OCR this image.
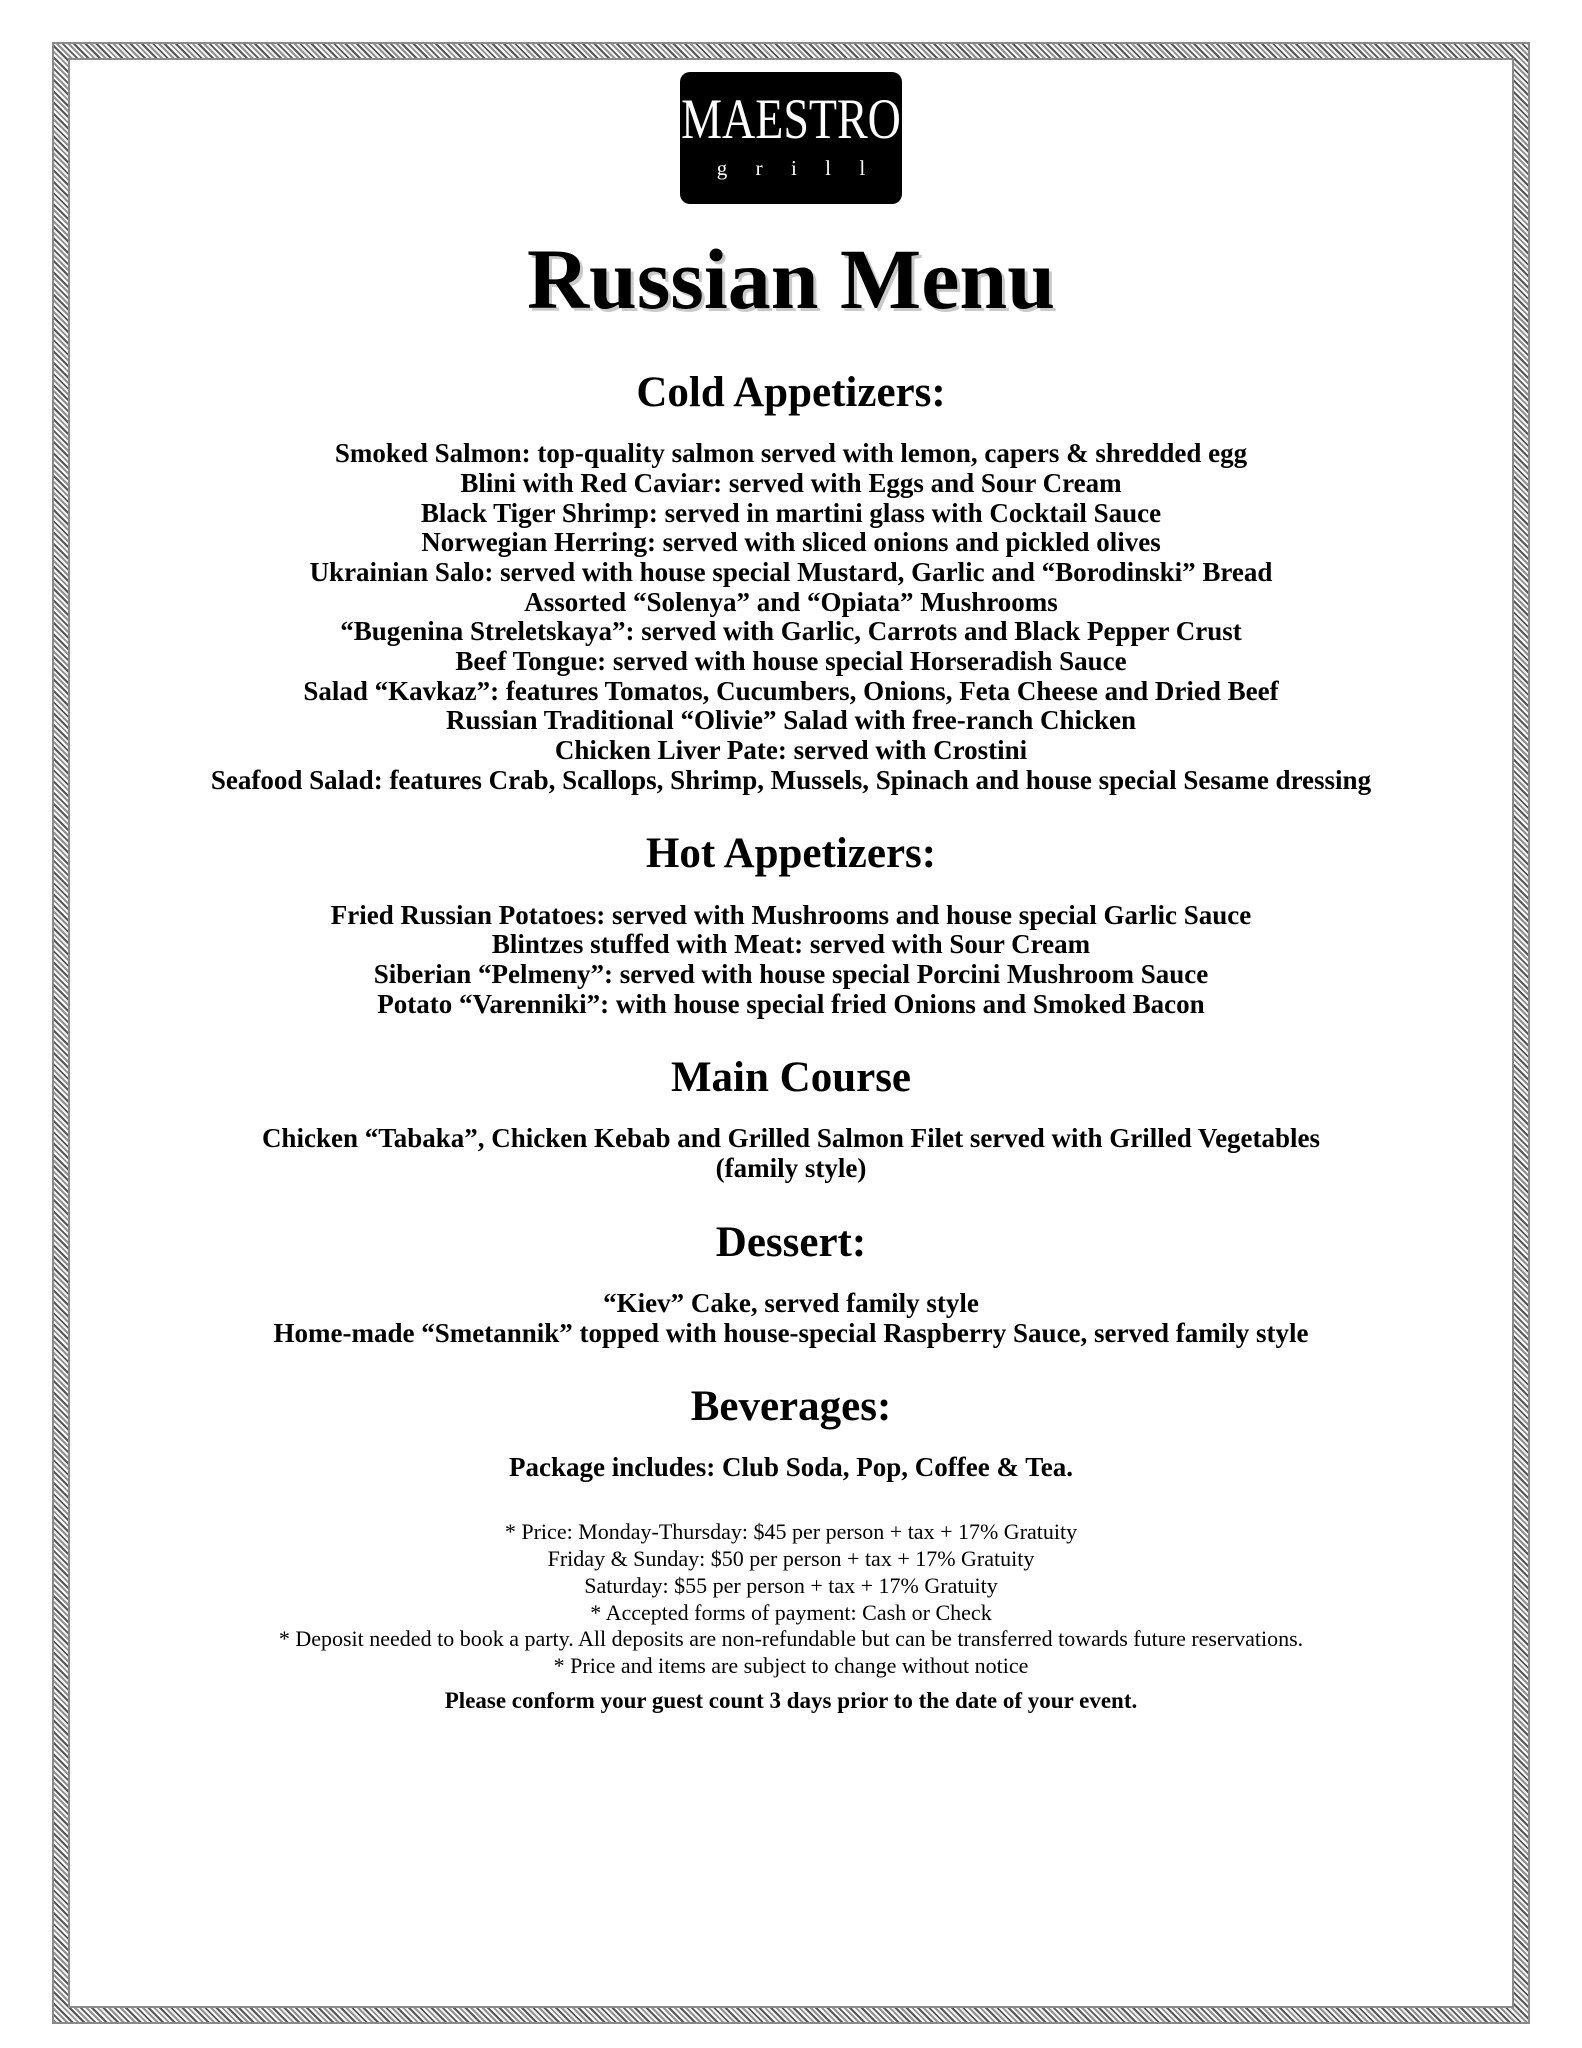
MAESTRO
g r i l l
Russian Menu
Cold Appetizers:

Smoked Salmon: top-quality salmon served with lemon, capers & shredded egg

Blini with Red Caviar: served with Eggs and Sour Cream

Black Tiger Shrimp: served in martini glass with Cocktail Sauce

Norwegian Herring: served with sliced onions and pickled olives

Ukrainian Salo: served with house special Mustard, Garlic and “Borodinski” Bread

Assorted “Solenya” and “Opiata” Mushrooms

“Bugenina Streletskaya”: served with Garlic, Carrots and Black Pepper Crust

Beef Tongue: served with house special Horseradish Sauce

Salad “Kavkaz”: features Tomatos, Cucumbers, Onions, Feta Cheese and Dried Beef

Russian Traditional “Olivie” Salad with free-ranch Chicken

Chicken Liver Pate: served with Crostini

Seafood Salad: features Crab, Scallops, Shrimp, Mussels, Spinach and house special Sesame dressing

Hot Appetizers:

Fried Russian Potatoes: served with Mushrooms and house special Garlic Sauce

Blintzes stuffed with Meat: served with Sour Cream

Siberian “Pelmeny”: served with house special Porcini Mushroom Sauce

Potato “Varenniki”: with house special fried Onions and Smoked Bacon

Main Course

Chicken “Tabaka”, Chicken Kebab and Grilled Salmon Filet served with Grilled Vegetables (family style)

Dessert:

“Kiev” Cake, served family style

Home-made “Smetannik” topped with house-special Raspberry Sauce, served family style

Beverages:

Package includes: Club Soda, Pop, Coffee & Tea.

* Price: Monday-Thursday: $45 per person + tax + 17% Gratuity

Friday & Sunday: $50 per person + tax + 17% Gratuity

Saturday: $55 per person + tax + 17% Gratuity

* Accepted forms of payment: Cash or Check

* Deposit needed to book a party. All deposits are non-refundable but can be transferred towards future reservations.

* Price and items are subject to change without notice

Please conform your guest count 3 days prior to the date of your event.
